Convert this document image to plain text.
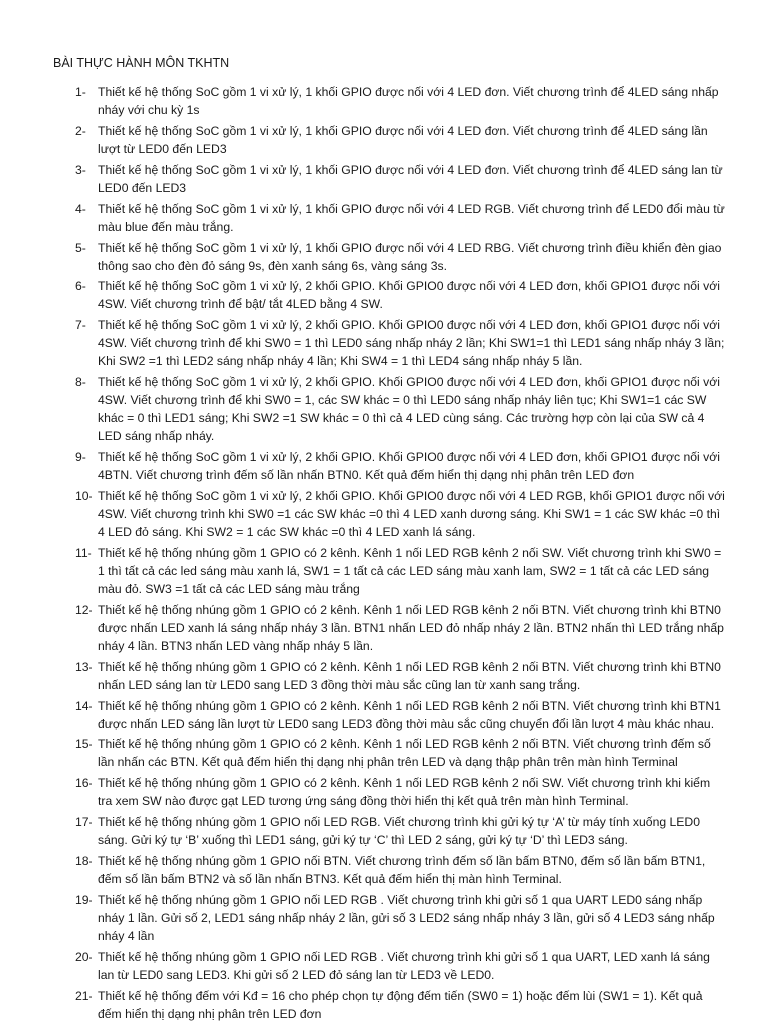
BÀI THỰC HÀNH MÔN TKHTN
1- Thiết kế hệ thống SoC gồm 1 vi xử lý, 1 khối GPIO được nối với 4 LED đơn. Viết chương trình để 4LED sáng nhấp nháy với chu kỳ 1s
2- Thiết kế hệ thống SoC gồm 1 vi xử lý, 1 khối GPIO được nối với 4 LED đơn. Viết chương trình để 4LED sáng lần lượt từ LED0 đến LED3
3- Thiết kế hệ thống SoC gồm 1 vi xử lý, 1 khối GPIO được nối với 4 LED đơn. Viết chương trình để 4LED sáng lan từ LED0 đến LED3
4- Thiết kế hệ thống SoC gồm 1 vi xử lý, 1 khối GPIO được nối với 4 LED RGB. Viết chương trình để LED0 đổi màu từ màu blue đến màu trắng.
5- Thiết kế hệ thống SoC gồm 1 vi xử lý, 1 khối GPIO được nối với 4 LED RBG. Viết chương trình điều khiển đèn giao thông sao cho đèn đỏ sáng 9s, đèn xanh sáng 6s, vàng sáng 3s.
6- Thiết kế hệ thống SoC gồm 1 vi xử lý, 2 khối GPIO. Khối GPIO0 được nối với 4 LED đơn, khối GPIO1 được nối với 4SW. Viết chương trình để bật/ tắt 4LED bằng 4 SW.
7- Thiết kế hệ thống SoC gồm 1 vi xử lý, 2 khối GPIO. Khối GPIO0 được nối với 4 LED đơn, khối GPIO1 được nối với 4SW. Viết chương trình để khi SW0 = 1 thì LED0 sáng nhấp nháy 2 lần; Khi SW1=1 thì LED1 sáng nhấp nháy 3 lần; Khi SW2 =1 thì LED2 sáng nhấp nháy 4 lần; Khi SW4 = 1 thì LED4 sáng nhấp nháy 5 lần.
8- Thiết kế hệ thống SoC gồm 1 vi xử lý, 2 khối GPIO. Khối GPIO0 được nối với 4 LED đơn, khối GPIO1 được nối với 4SW. Viết chương trình để khi SW0 = 1, các SW khác = 0 thì LED0 sáng nhấp nháy liên tục; Khi SW1=1 các SW khác = 0 thì LED1 sáng; Khi SW2 =1 SW khác = 0 thì cả 4 LED cùng sáng. Các trường hợp còn lại của SW cả 4 LED sáng nhấp nháy.
9- Thiết kế hệ thống SoC gồm 1 vi xử lý, 2 khối GPIO. Khối GPIO0 được nối với 4 LED đơn, khối GPIO1 được nối với 4BTN. Viết chương trình đếm số lần nhấn BTN0. Kết quả đếm hiển thị dạng nhị phân trên LED đơn
10- Thiết kế hệ thống SoC gồm 1 vi xử lý, 2 khối GPIO. Khối GPIO0 được nối với 4 LED RGB, khối GPIO1 được nối với 4SW. Viết chương trình khi SW0 =1 các SW khác =0 thì 4 LED xanh dương sáng. Khi SW1 = 1 các SW khác =0 thì 4 LED đỏ sáng. Khi SW2 = 1 các SW khác =0 thì 4 LED xanh lá sáng.
11- Thiết kế hệ thống nhúng gồm 1 GPIO có 2 kênh. Kênh 1 nối LED RGB kênh 2 nối SW. Viết chương trình khi SW0 = 1 thì tất cả các led sáng màu xanh lá, SW1 = 1 tất cả các LED sáng màu xanh lam, SW2 = 1 tất cả các LED sáng màu đỏ. SW3 =1 tất cả các LED sáng màu trắng
12- Thiết kế hệ thống nhúng gồm 1 GPIO có 2 kênh. Kênh 1 nối LED RGB kênh 2 nối BTN. Viết chương trình khi BTN0 được nhấn LED xanh lá sáng nhấp nháy 3 lần. BTN1 nhấn LED đỏ nhấp nháy 2 lần. BTN2 nhấn thì LED trắng nhấp nháy 4 lần. BTN3 nhấn LED vàng nhấp nháy 5 lần.
13- Thiết kế hệ thống nhúng gồm 1 GPIO có 2 kênh. Kênh 1 nối LED RGB kênh 2 nối BTN. Viết chương trình khi BTN0 nhấn LED sáng lan từ LED0 sang LED 3 đồng thời màu sắc cũng lan từ xanh sang trắng.
14- Thiết kế hệ thống nhúng gồm 1 GPIO có 2 kênh. Kênh 1 nối LED RGB kênh 2 nối BTN. Viết chương trình khi BTN1 được nhấn LED sáng lần lượt từ LED0 sang LED3 đồng thời màu sắc cũng chuyển đổi lần lượt 4 màu khác nhau.
15- Thiết kế hệ thống nhúng gồm 1 GPIO có 2 kênh. Kênh 1 nối LED RGB kênh 2 nối BTN. Viết chương trình đếm số lần nhấn các BTN. Kết quả đếm hiển thị dạng nhị phân trên LED và dạng thập phân trên màn hình Terminal
16- Thiết kế hệ thống nhúng gồm 1 GPIO có 2 kênh. Kênh 1 nối LED RGB kênh 2 nối SW. Viết chương trình khi kiểm tra xem SW nào được gạt LED tương ứng sáng đồng thời hiển thị kết quả trên màn hình Terminal.
17- Thiết kế hệ thống nhúng gồm 1 GPIO nối LED RGB. Viết chương trình khi gửi ký tự ‘A’ từ máy tính xuống LED0 sáng. Gửi ký tự ‘B’ xuống thì LED1 sáng, gửi ký tự ‘C’ thì LED 2 sáng, gửi ký tự ‘D’ thì LED3 sáng.
18- Thiết kế hệ thống nhúng gồm 1 GPIO nối BTN. Viết chương trình đếm số lần bấm BTN0, đếm số lần bấm BTN1, đếm số lần bấm BTN2 và số lần nhấn BTN3. Kết quả đếm hiển thị màn hình Terminal.
19- Thiết kế hệ thống nhúng gồm 1 GPIO nối LED RGB . Viết chương trình khi gửi số 1 qua UART LED0 sáng nhấp nháy 1 lần. Gửi số 2, LED1 sáng nhấp nháy 2 lần, gửi số 3 LED2 sáng nhấp nháy 3 lần, gửi số 4 LED3 sáng nhấp nháy 4 lần
20- Thiết kế hệ thống nhúng gồm 1 GPIO nối LED RGB . Viết chương trình khi gửi số 1 qua UART, LED xanh lá sáng lan từ LED0 sang LED3. Khi gửi số 2 LED đỏ sáng lan từ LED3 về LED0.
21- Thiết kế hệ thống đếm với Kđ = 16 cho phép chọn tự động đếm tiến (SW0 = 1) hoặc đếm lùi (SW1 = 1). Kết quả đếm hiển thị dạng nhị phân trên LED đơn
